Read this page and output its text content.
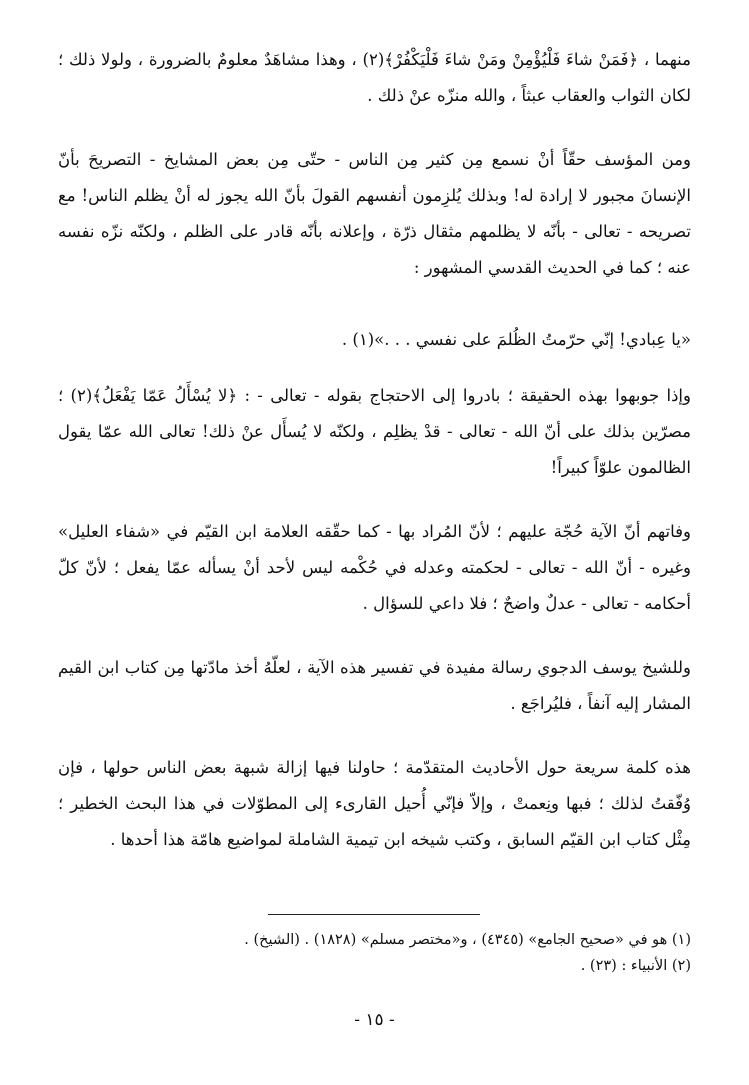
منهما ، ﴿فَمَنْ شاءَ فَلْيُؤْمِنْ ومَنْ شاءَ فَلْيَكْفُرْ﴾(٢) ، وهذا مشاهَدٌ معلومٌ بالضرورة ، ولولا ذلك ؛ لكان الثواب والعقاب عبثاً ، والله منزّه عنْ ذلك .

ومن المؤسف حقّاً أنْ نسمع مِن كثير مِن الناس - حتّى مِن بعض المشايخ - التصريحَ بأنّ الإنسانَ مجبور لا إرادة له! وبذلك يُلزِمون أنفسهم القولَ بأنّ الله يجوز له أنْ يظلم الناس! مع تصريحه - تعالى - بأنّه لا يظلمهم مثقال ذرّة ، وإعلانه بأنّه قادر على الظلم ، ولكنّه نزّه نفسه عنه ؛ كما في الحديث القدسي المشهور :

«يا عِبادي! إنّي حرّمتُ الظُلمَ على نفسي . . .»(١) .

وإذا جوبهوا بهذه الحقيقة ؛ بادروا إلى الاحتجاج بقوله - تعالى - : ﴿لا يُسْأَلُ عَمّا يَفْعَلُ﴾(٢) ؛ مصرّين بذلك على أنّ الله - تعالى - قدْ يظلِم ، ولكنّه لا يُسأَل عنْ ذلك! تعالى الله عمّا يقول الظالمون علوّاً كبيراً!

وفاتهم أنّ الآية حُجّة عليهم ؛ لأنّ المُراد بها - كما حقّقه العلامة ابن القيّم في «شفاء العليل» وغيره - أنّ الله - تعالى - لحكمته وعدله في حُكْمه ليس لأحد أنْ يسأله عمّا يفعل ؛ لأنّ كلّ أحكامه - تعالى - عدلٌ واضحٌ ؛ فلا داعي للسؤال .

وللشيخ يوسف الدجوي رسالة مفيدة في تفسير هذه الآية ، لعلّهُ أخذ مادّتها مِن كتاب ابن القيم المشار إليه آنفاً ، فليُراجَع .

هذه كلمة سريعة حول الأحاديث المتقدّمة ؛ حاولنا فيها إزالة شبهة بعض الناس حولها ، فإن وُفّقتُ لذلك ؛ فبها ونِعمتْ ، وإلاّ فإنّي أُحيل القارىء إلى المطوّلات في هذا البحث الخطير ؛ مِثْل كتاب ابن القيّم السابق ، وكتب شيخه ابن تيمية الشاملة لمواضيع هامّة هذا أحدها .

(١) هو في «صحيح الجامع» (٤٣٤٥) ، و«مختصر مسلم» (١٨٢٨) . (الشيخ) .

(٢) الأنبياء : (٢٣) .

- ١٥ -
